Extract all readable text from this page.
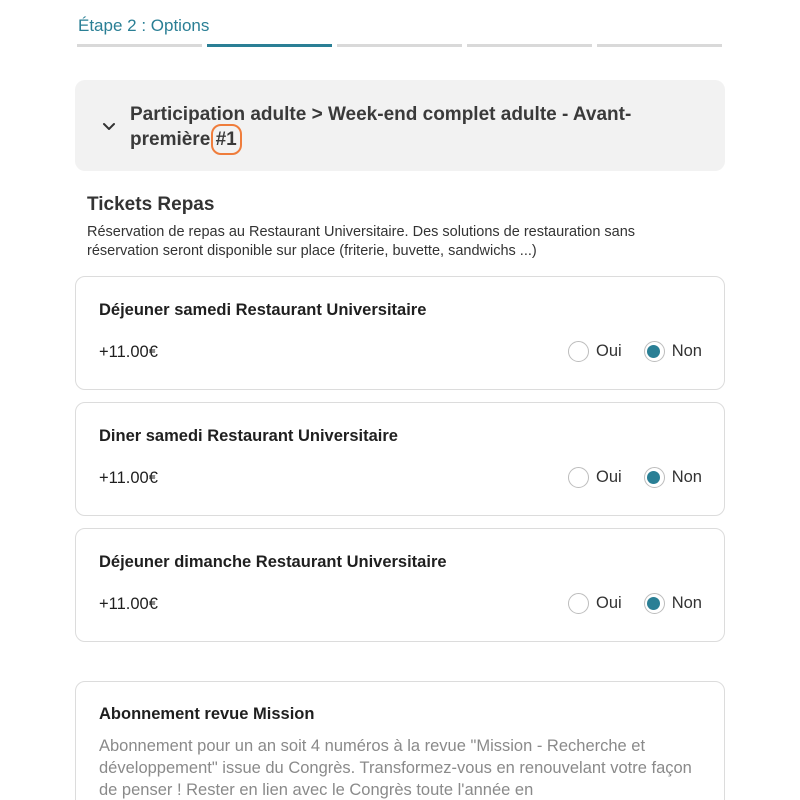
Étape 2 : Options
Participation adulte > Week-end complet adulte - Avant-première #1
Tickets Repas
Réservation de repas au Restaurant Universitaire. Des solutions de restauration sans réservation seront disponible sur place (friterie, buvette, sandwichs ...)
Déjeuner samedi Restaurant Universitaire
+11.00€	Oui	Non
Diner samedi Restaurant Universitaire
+11.00€	Oui	Non
Déjeuner dimanche Restaurant Universitaire
+11.00€	Oui	Non
Abonnement revue Mission
Abonnement pour un an soit 4 numéros à la revue "Mission - Recherche et développement" issue du Congrès. Transformez-vous en renouvelant votre façon de penser ! Rester en lien avec le Congrès toute l'année en
